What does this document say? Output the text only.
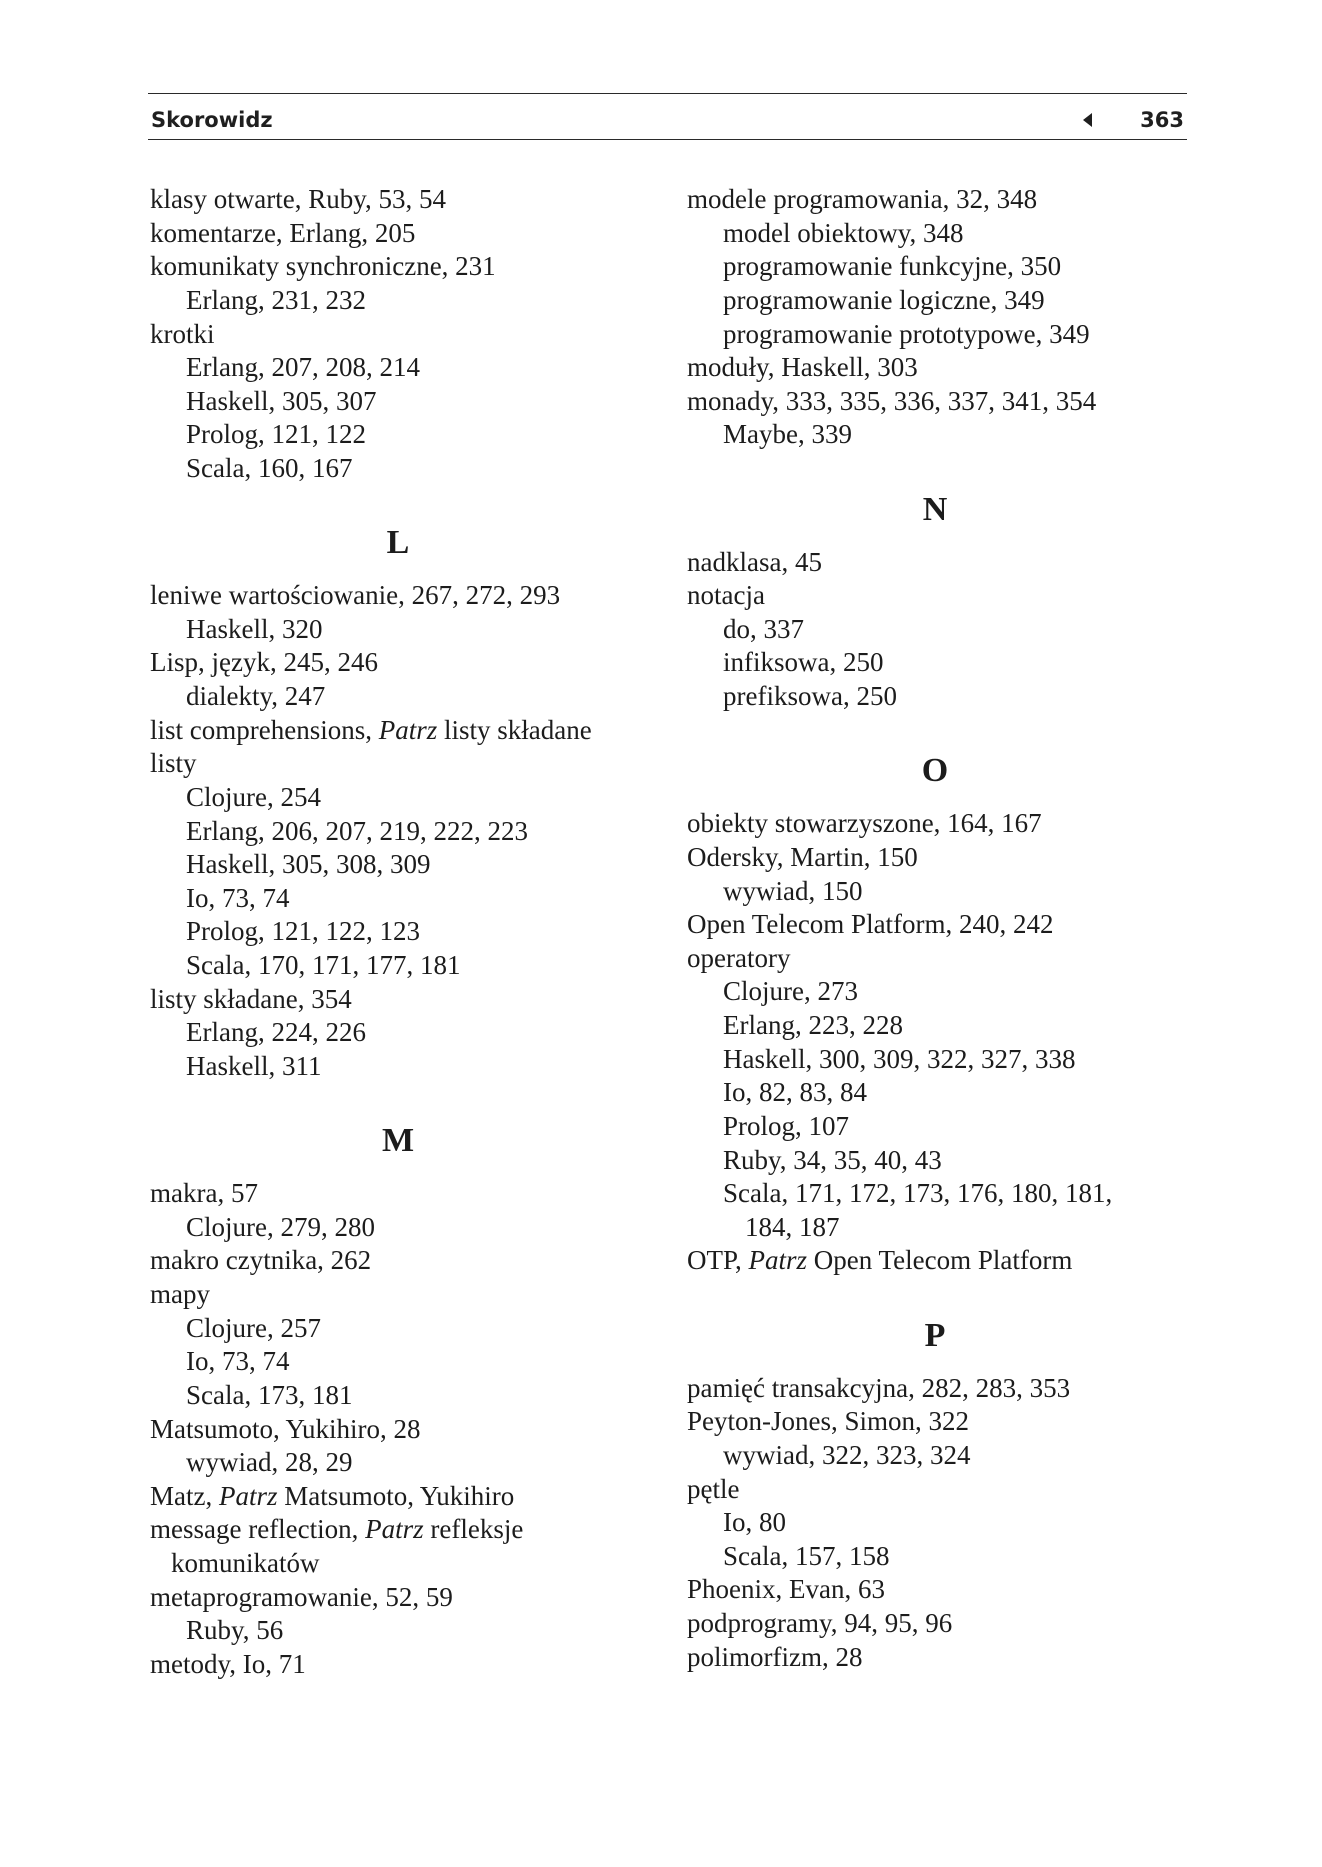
Skorowidz	363
klasy otwarte, Ruby, 53, 54
komentarze, Erlang, 205
komunikaty synchroniczne, 231
Erlang, 231, 232
krotki
Erlang, 207, 208, 214
Haskell, 305, 307
Prolog, 121, 122
Scala, 160, 167
L
leniwe wartościowanie, 267, 272, 293
Haskell, 320
Lisp, język, 245, 246
dialekty, 247
list comprehensions, Patrz listy składane
listy
Clojure, 254
Erlang, 206, 207, 219, 222, 223
Haskell, 305, 308, 309
Io, 73, 74
Prolog, 121, 122, 123
Scala, 170, 171, 177, 181
listy składane, 354
Erlang, 224, 226
Haskell, 311
M
makra, 57
Clojure, 279, 280
makro czytnika, 262
mapy
Clojure, 257
Io, 73, 74
Scala, 173, 181
Matsumoto, Yukihiro, 28
wywiad, 28, 29
Matz, Patrz Matsumoto, Yukihiro
message reflection, Patrz refleksje
komunikatów
metaprogramowanie, 52, 59
Ruby, 56
metody, Io, 71
modele programowania, 32, 348
model obiektowy, 348
programowanie funkcyjne, 350
programowanie logiczne, 349
programowanie prototypowe, 349
moduły, Haskell, 303
monady, 333, 335, 336, 337, 341, 354
Maybe, 339
N
nadklasa, 45
notacja
do, 337
infiksowa, 250
prefiksowa, 250
O
obiekty stowarzyszone, 164, 167
Odersky, Martin, 150
wywiad, 150
Open Telecom Platform, 240, 242
operatory
Clojure, 273
Erlang, 223, 228
Haskell, 300, 309, 322, 327, 338
Io, 82, 83, 84
Prolog, 107
Ruby, 34, 35, 40, 43
Scala, 171, 172, 173, 176, 180, 181,
184, 187
OTP, Patrz Open Telecom Platform
P
pamięć transakcyjna, 282, 283, 353
Peyton-Jones, Simon, 322
wywiad, 322, 323, 324
pętle
Io, 80
Scala, 157, 158
Phoenix, Evan, 63
podprogramy, 94, 95, 96
polimorfizm, 28
